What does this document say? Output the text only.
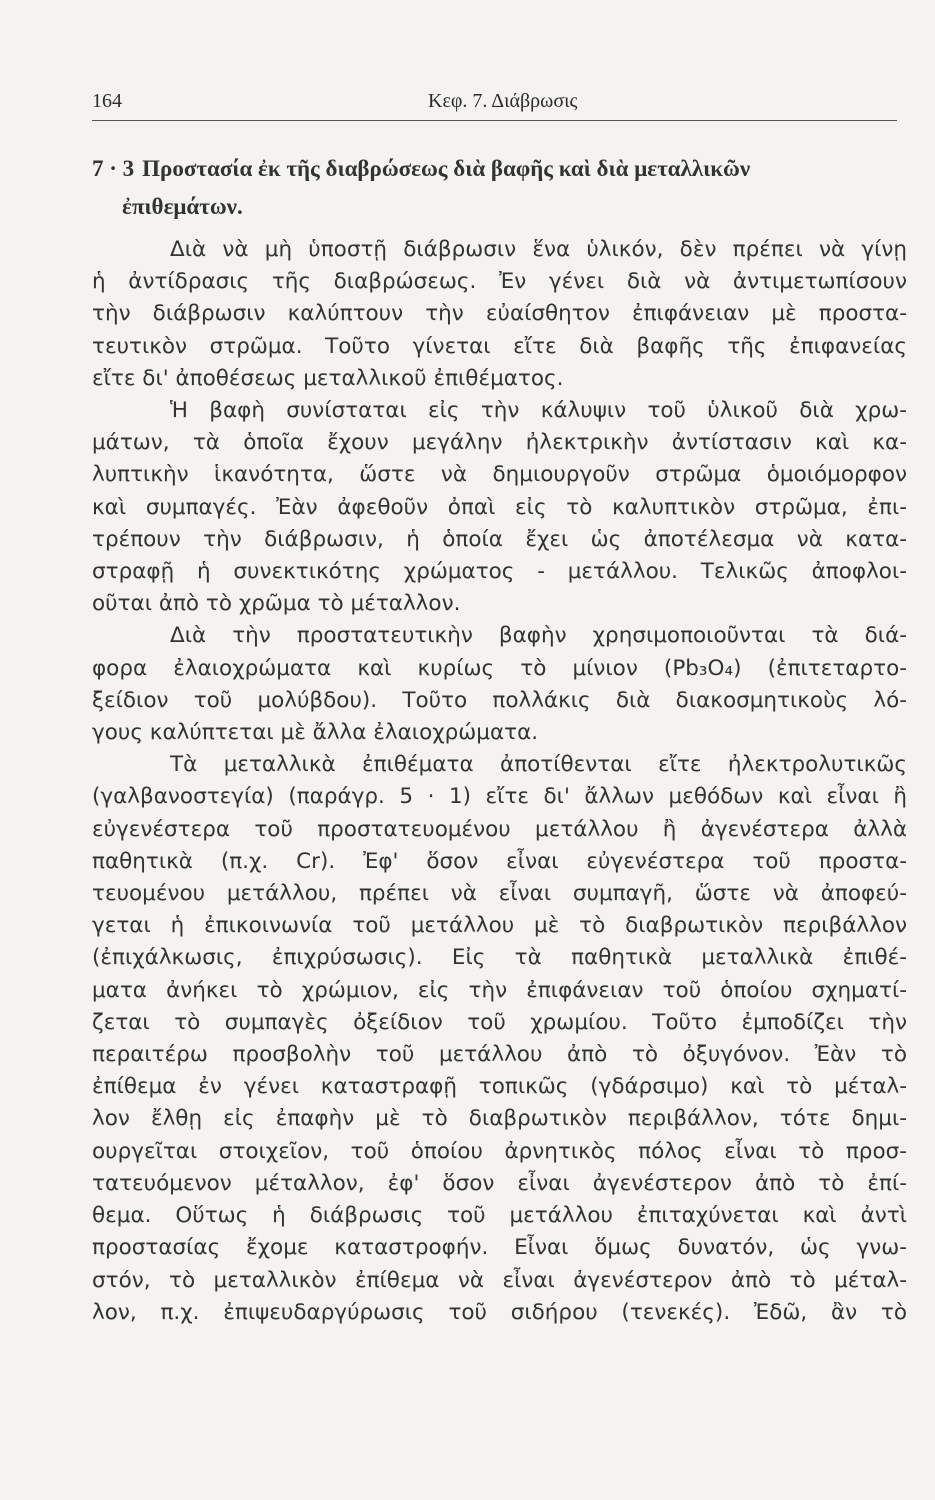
164	Κεφ. 7. Διάβρωσις
7 · 3 Προστασία ἐκ τῆς διαβρώσεως διὰ βαφῆς καὶ διὰ μεταλλικῶν
ἐπιθεμάτων.
Διὰ νὰ μὴ ὑποστῇ διάβρωσιν ἕνα ὑλικόν, δὲν πρέπει νὰ γίνῃ
ἡ ἀντίδρασις τῆς διαβρώσεως. Ἐν γένει διὰ νὰ ἀντιμετωπίσουν
τὴν διάβρωσιν καλύπτουν τὴν εὐαίσθητον ἐπιφάνειαν μὲ προστα-
τευτικὸν στρῶμα. Τοῦτο γίνεται εἴτε διὰ βαφῆς τῆς ἐπιφανείας
εἴτε δι' ἀποθέσεως μεταλλικοῦ ἐπιθέματος.
Ἡ βαφὴ συνίσταται εἰς τὴν κάλυψιν τοῦ ὑλικοῦ διὰ χρω-
μάτων, τὰ ὁποῖα ἔχουν μεγάλην ἠλεκτρικὴν ἀντίστασιν καὶ κα-
λυπτικὴν ἱκανότητα, ὥστε νὰ δημιουργοῦν στρῶμα ὁμοιόμορφον
καὶ συμπαγές. Ἐὰν ἀφεθοῦν ὀπαὶ εἰς τὸ καλυπτικὸν στρῶμα, ἐπι-
τρέπουν τὴν διάβρωσιν, ἡ ὁποία ἔχει ὡς ἀποτέλεσμα νὰ κατα-
στραφῇ ἡ συνεκτικότης χρώματος - μετάλλου. Τελικῶς ἀποφλοι-
οῦται ἀπὸ τὸ χρῶμα τὸ μέταλλον.
Διὰ τὴν προστατευτικὴν βαφὴν χρησιμοποιοῦνται τὰ διά-
φορα ἐλαιοχρώματα καὶ κυρίως τὸ μίνιον (Pb₃O₄) (ἐπιτεταρτο-
ξείδιον τοῦ μολύβδου). Τοῦτο πολλάκις διὰ διακοσμητικοὺς λό-
γους καλύπτεται μὲ ἄλλα ἐλαιοχρώματα.
Τὰ μεταλλικὰ ἐπιθέματα ἀποτίθενται εἴτε ἠλεκτρολυτικῶς
(γαλβανοστεγία) (παράγρ. 5 · 1) εἴτε δι' ἄλλων μεθόδων καὶ εἶναι ἢ
εὐγενέστερα τοῦ προστατευομένου μετάλλου ἢ ἀγενέστερα ἀλλὰ
παθητικὰ (π.χ. Cr). Ἐφ' ὅσον εἶναι εὐγενέστερα τοῦ προστα-
τευομένου μετάλλου, πρέπει νὰ εἶναι συμπαγῆ, ὥστε νὰ ἀποφεύ-
γεται ἡ ἐπικοινωνία τοῦ μετάλλου μὲ τὸ διαβρωτικὸν περιβάλλον
(ἐπιχάλκωσις, ἐπιχρύσωσις). Εἰς τὰ παθητικὰ μεταλλικὰ ἐπιθέ-
ματα ἀνήκει τὸ χρώμιον, εἰς τὴν ἐπιφάνειαν τοῦ ὁποίου σχηματί-
ζεται τὸ συμπαγὲς ὀξείδιον τοῦ χρωμίου. Τοῦτο ἐμποδίζει τὴν
περαιτέρω προσβολὴν τοῦ μετάλλου ἀπὸ τὸ ὀξυγόνον. Ἐὰν τὸ
ἐπίθεμα ἐν γένει καταστραφῇ τοπικῶς (γδάρσιμο) καὶ τὸ μέταλ-
λον ἔλθῃ εἰς ἐπαφὴν μὲ τὸ διαβρωτικὸν περιβάλλον, τότε δημι-
ουργεῖται στοιχεῖον, τοῦ ὁποίου ἀρνητικὸς πόλος εἶναι τὸ προσ-
τατευόμενον μέταλλον, ἐφ' ὅσον εἶναι ἀγενέστερον ἀπὸ τὸ ἐπί-
θεμα. Οὕτως ἡ διάβρωσις τοῦ μετάλλου ἐπιταχύνεται καὶ ἀντὶ
προστασίας ἔχομε καταστροφήν. Εἶναι ὅμως δυνατόν, ὡς γνω-
στόν, τὸ μεταλλικὸν ἐπίθεμα νὰ εἶναι ἀγενέστερον ἀπὸ τὸ μέταλ-
λον, π.χ. ἐπιψευδαργύρωσις τοῦ σιδήρου (τενεκές). Ἐδῶ, ἂν τὸ
